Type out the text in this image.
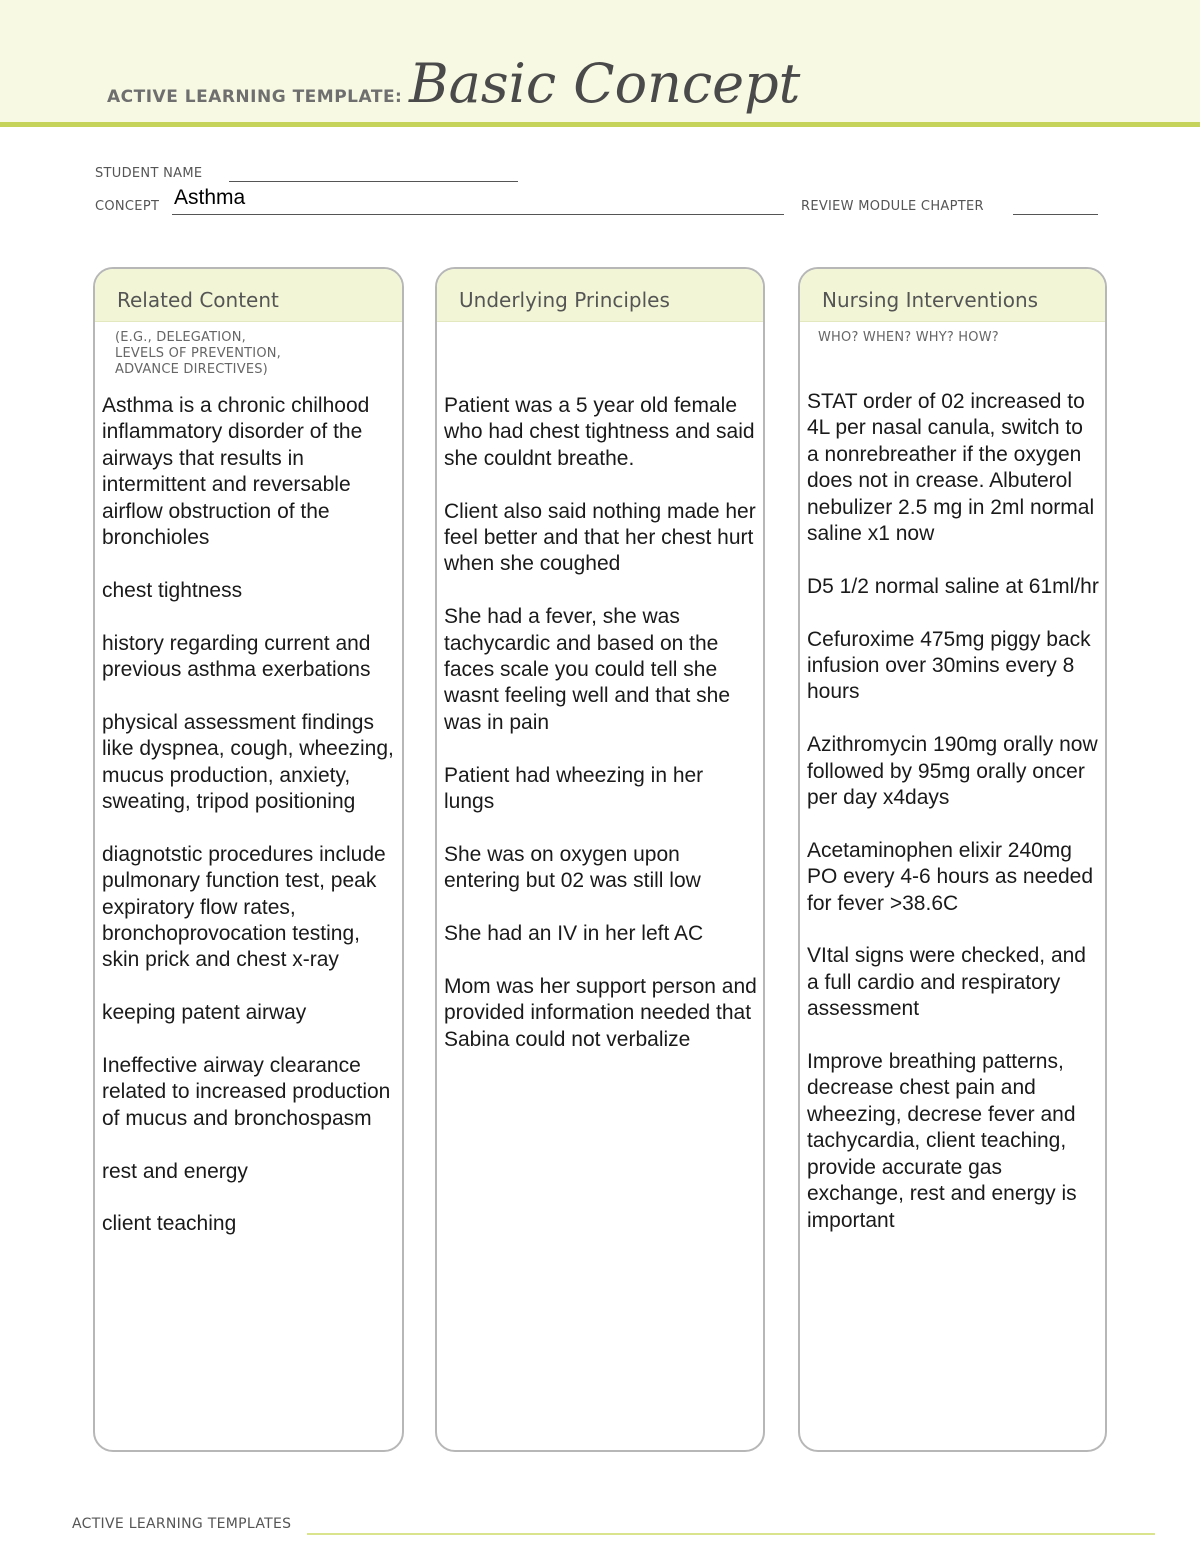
ACTIVE LEARNING TEMPLATE: Basic Concept
STUDENT NAME
CONCEPT Asthma	REVIEW MODULE CHAPTER
Related Content
(E.G., DELEGATION,
LEVELS OF PREVENTION,
ADVANCE DIRECTIVES)

Asthma is a chronic chilhood inflammatory disorder of the airways that results in intermittent and reversable airflow obstruction of the bronchioles

chest tightness

history regarding current and previous asthma exerbations

physical assessment findings like dyspnea, cough, wheezing, mucus production, anxiety, sweating, tripod positioning

diagnotstic procedures include pulmonary function test, peak expiratory flow rates, bronchoprovocation testing, skin prick and chest x-ray

keeping patent airway

Ineffective airway clearance related to increased production of mucus and bronchospasm

rest and energy

client teaching

Underlying Principles

Patient was a 5 year old female who had chest tightness and said she couldnt breathe.

Client also said nothing made her feel better and that her chest hurt when she coughed

She had a fever, she was tachycardic and based on the faces scale you could tell she wasnt feeling well and that she was in pain

Patient had wheezing in her lungs

She was on oxygen upon entering but 02 was still low

She had an IV in her left AC

Mom was her support person and provided information needed that Sabina could not verbalize

Nursing Interventions
WHO? WHEN? WHY? HOW?

STAT order of 02 increased to 4L per nasal canula, switch to a nonrebreather if the oxygen does not in crease. Albuterol nebulizer 2.5 mg in 2ml normal saline x1 now

D5 1/2 normal saline at 61ml/hr

Cefuroxime 475mg piggy back infusion over 30mins every 8 hours

Azithromycin 190mg orally now followed by 95mg orally oncer per day x4days

Acetaminophen elixir 240mg PO every 4-6 hours as needed for fever >38.6C

VItal signs were checked, and a full cardio and respiratory assessment

Improve breathing patterns, decrease chest pain and wheezing, decrese fever and tachycardia, client teaching, provide accurate gas exchange, rest and energy is important

ACTIVE LEARNING TEMPLATES
